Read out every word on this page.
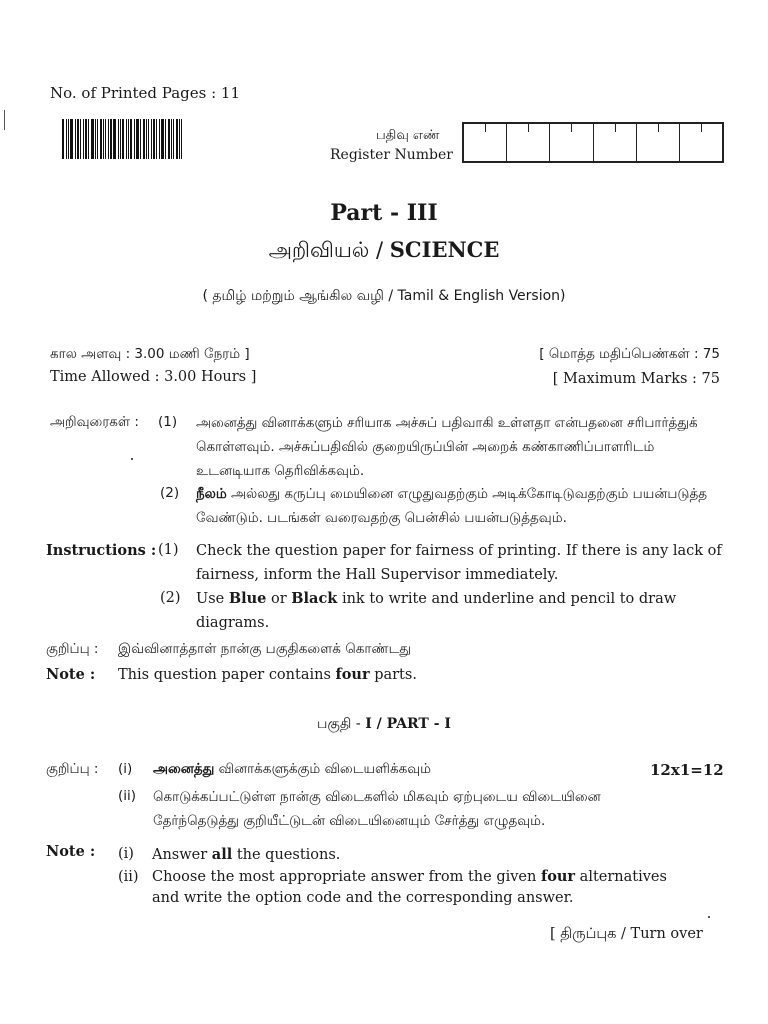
No. of Printed Pages : 11
பதிவு எண்
Register Number
Part - III
அறிவியல் / SCIENCE
( தமிழ் மற்றும் ஆங்கில வழி / Tamil & English Version)
கால அளவு : 3.00 மணி நேரம் ]
Time Allowed : 3.00 Hours ]
[ மொத்த மதிப்பெண்கள் : 75
[ Maximum Marks : 75
அறிவுரைகள் : (1) அனைத்து வினாக்களும் சரியாக அச்சுப் பதிவாகி உள்ளதா என்பதனை சரிபார்த்துக் கொள்ளவும். அச்சுப்பதிவில் குறையிருப்பின் அறைக் கண்காணிப்பாளரிடம் உடனடியாக தெரிவிக்கவும்.
(2) நீலம் அல்லது கருப்பு மையினை எழுதுவதற்கும் அடிக்கோடிடுவதற்கும் பயன்படுத்த வேண்டும். படங்கள் வரைவதற்கு பென்சில் பயன்படுத்தவும்.
Instructions : (1) Check the question paper for fairness of printing. If there is any lack of fairness, inform the Hall Supervisor immediately.
(2) Use Blue or Black ink to write and underline and pencil to draw diagrams.
குறிப்பு : இவ்வினாத்தாள் நான்கு பகுதிகளைக் கொண்டது
Note : This question paper contains four parts.
பகுதி - I / PART - I
குறிப்பு : (i) அனைத்து வினாக்களுக்கும் விடையளிக்கவும்	12x1=12
(ii) கொடுக்கப்பட்டுள்ள நான்கு விடைகளில் மிகவும் ஏற்புடைய விடையினை தேர்ந்தெடுத்து குறியீட்டுடன் விடையினையும் சேர்த்து எழுதவும்.
Note : (i) Answer all the questions.
(ii) Choose the most appropriate answer from the given four alternatives and write the option code and the corresponding answer.
[ திருப்புக / Turn over
